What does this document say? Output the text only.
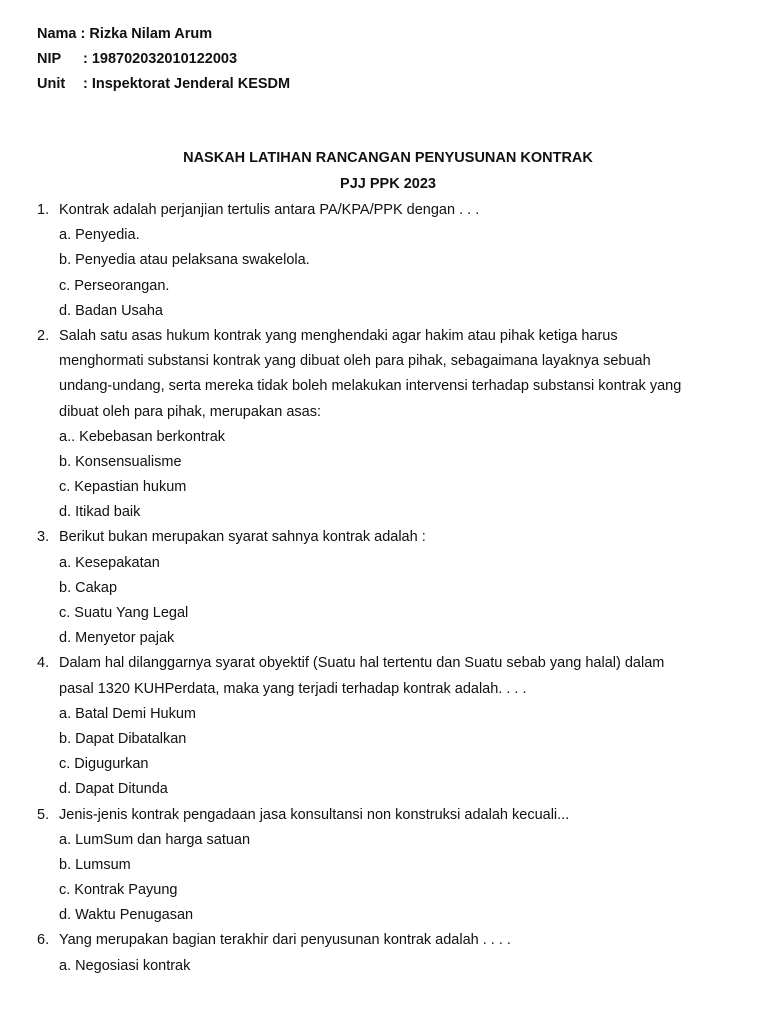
Nama : Rizka Nilam Arum
NIP : 198702032010122003
Unit : Inspektorat Jenderal KESDM
NASKAH LATIHAN RANCANGAN PENYUSUNAN KONTRAK
PJJ PPK 2023
1. Kontrak adalah perjanjian tertulis antara PA/KPA/PPK dengan . . .
a. Penyedia.
b. Penyedia atau pelaksana swakelola.
c. Perseorangan.
d. Badan Usaha
2. Salah satu asas hukum kontrak yang menghendaki agar hakim atau pihak ketiga harus
menghormati substansi kontrak yang dibuat oleh para pihak, sebagaimana layaknya sebuah
undang-undang, serta mereka tidak boleh melakukan intervensi terhadap substansi kontrak yang
dibuat oleh para pihak, merupakan asas:
a.. Kebebasan berkontrak
b. Konsensualisme
c. Kepastian hukum
d. Itikad baik
3. Berikut bukan merupakan syarat sahnya kontrak adalah :
a. Kesepakatan
b. Cakap
c. Suatu Yang Legal
d. Menyetor pajak
4. Dalam hal dilanggarnya syarat obyektif (Suatu hal tertentu dan Suatu sebab yang halal) dalam
pasal 1320 KUHPerdata, maka yang terjadi terhadap kontrak adalah. . . .
a. Batal Demi Hukum
b. Dapat Dibatalkan
c. Digugurkan
d. Dapat Ditunda
5. Jenis-jenis kontrak pengadaan jasa konsultansi non konstruksi adalah kecuali...
a. LumSum dan harga satuan
b. Lumsum
c. Kontrak Payung
d. Waktu Penugasan
6. Yang merupakan bagian terakhir dari penyusunan kontrak adalah . . . .
a. Negosiasi kontrak
